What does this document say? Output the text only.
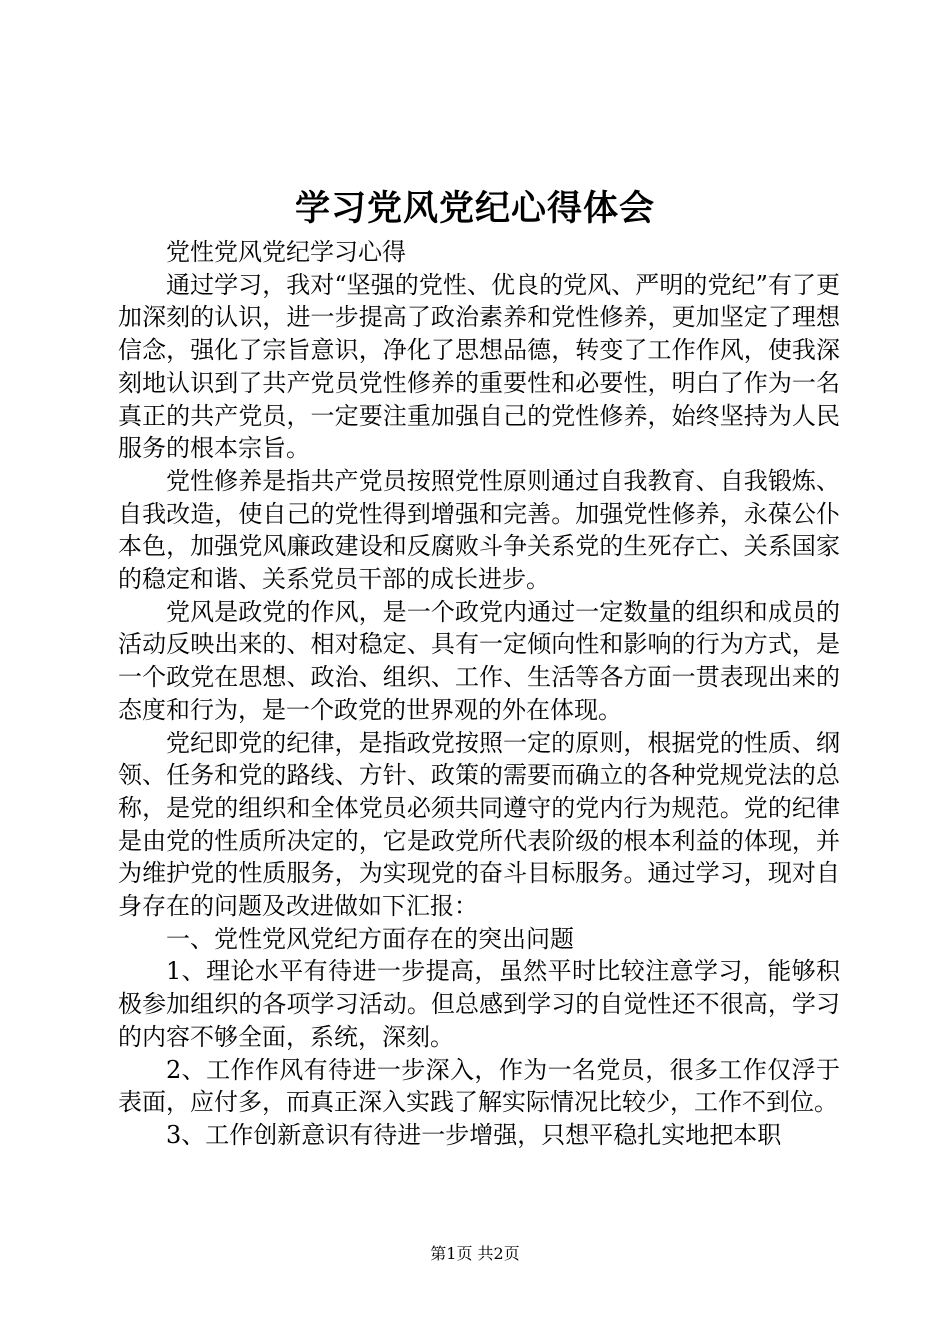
学习党风党纪心得体会

党性党风党纪学习心得

通过学习，我对“坚强的党性、优良的党风、严明的党纪”有了更加深刻的认识，进一步提高了政治素养和党性修养，更加坚定了理想信念，强化了宗旨意识，净化了思想品德，转变了工作作风，使我深刻地认识到了共产党员党性修养的重要性和必要性，明白了作为一名真正的共产党员，一定要注重加强自己的党性修养，始终坚持为人民服务的根本宗旨。

党性修养是指共产党员按照党性原则通过自我教育、自我锻炼、自我改造，使自己的党性得到增强和完善。加强党性修养，永葆公仆本色，加强党风廉政建设和反腐败斗争关系党的生死存亡、关系国家的稳定和谐、关系党员干部的成长进步。

党风是政党的作风，是一个政党内通过一定数量的组织和成员的活动反映出来的、相对稳定、具有一定倾向性和影响的行为方式，是一个政党在思想、政治、组织、工作、生活等各方面一贯表现出来的态度和行为，是一个政党的世界观的外在体现。

党纪即党的纪律，是指政党按照一定的原则，根据党的性质、纲领、任务和党的路线、方针、政策的需要而确立的各种党规党法的总称，是党的组织和全体党员必须共同遵守的党内行为规范。党的纪律是由党的性质所决定的，它是政党所代表阶级的根本利益的体现，并为维护党的性质服务，为实现党的奋斗目标服务。通过学习，现对自身存在的问题及改进做如下汇报：

一、党性党风党纪方面存在的突出问题

1、理论水平有待进一步提高，虽然平时比较注意学习，能够积极参加组织的各项学习活动。但总感到学习的自觉性还不很高，学习的内容不够全面，系统，深刻。

2、工作作风有待进一步深入，作为一名党员，很多工作仅浮于表面，应付多，而真正深入实践了解实际情况比较少，工作不到位。

3、工作创新意识有待进一步增强，只想平稳扎实地把本职

第1页 共2页
